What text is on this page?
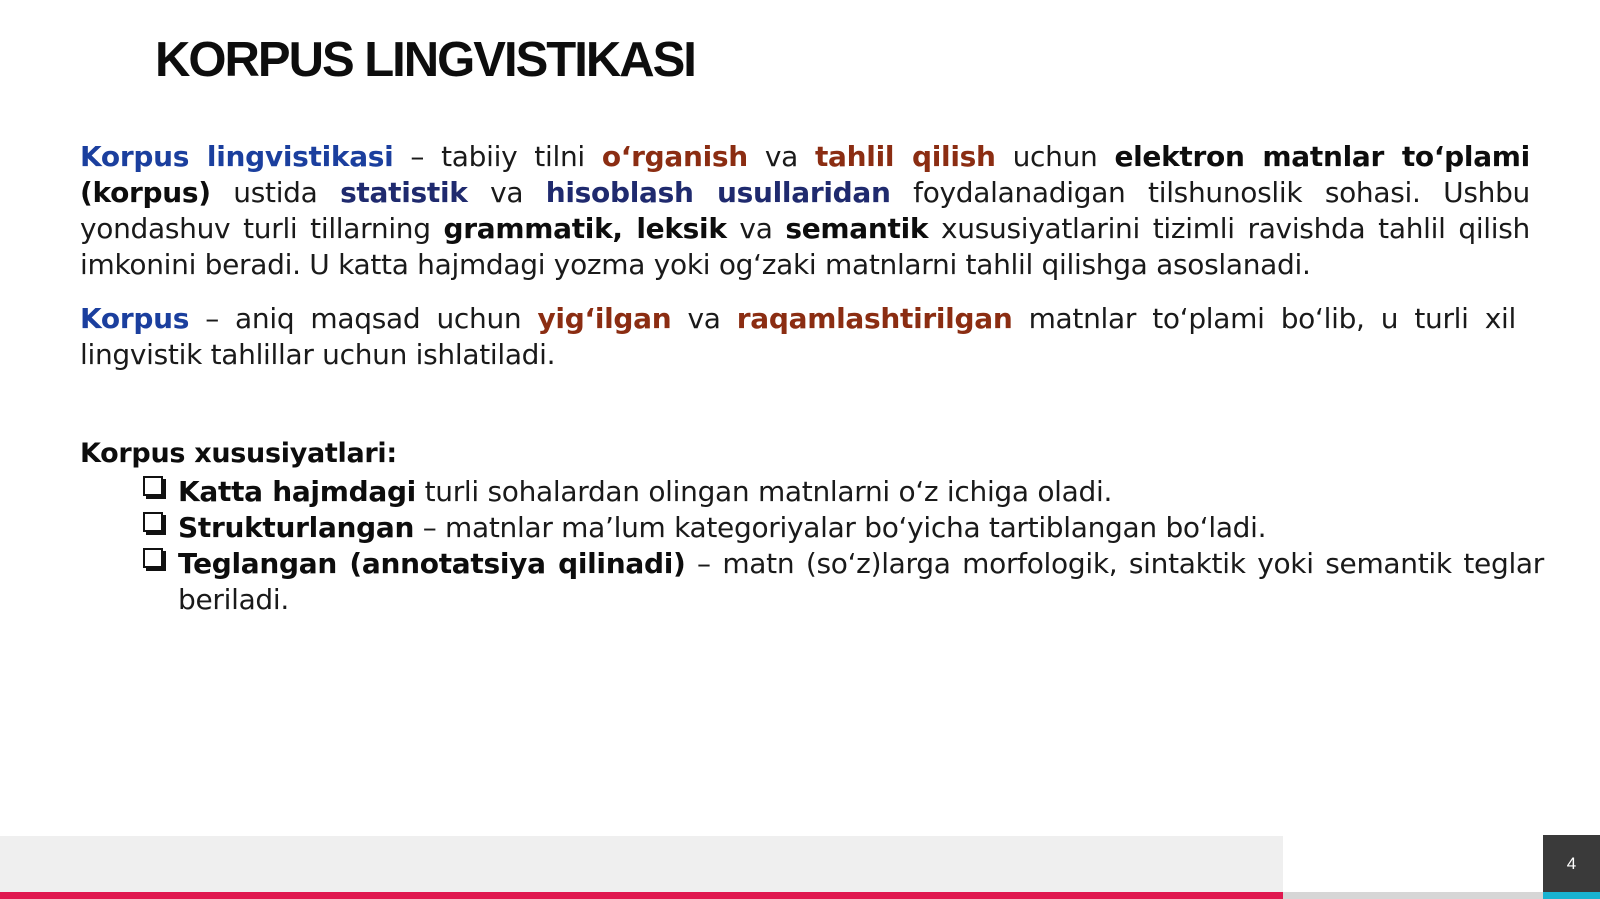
KORPUS LINGVISTIKASI

Korpus lingvistikasi – tabiiy tilni o‘rganish va tahlil qilish uchun elektron matnlar to‘plami (korpus) ustida statistik va hisoblash usullaridan foydalanadigan tilshunoslik sohasi. Ushbu yondashuv turli tillarning grammatik, leksik va semantik xususiyatlarini tizimli ravishda tahlil qilish imkonini beradi. U katta hajmdagi yozma yoki og‘zaki matnlarni tahlil qilishga asoslanadi.

Korpus – aniq maqsad uchun yig‘ilgan va raqamlashtirilgan matnlar to‘plami bo‘lib, u turli xil lingvistik tahlillar uchun ishlatiladi.

Korpus xususiyatlari:

Katta hajmdagi turli sohalardan olingan matnlarni o‘z ichiga oladi.
Strukturlangan – matnlar ma’lum kategoriyalar bo‘yicha tartiblangan bo‘ladi.
Teglangan (annotatsiya qilinadi) – matn (so‘z)larga morfologik, sintaktik yoki semantik teglar beriladi.
4
